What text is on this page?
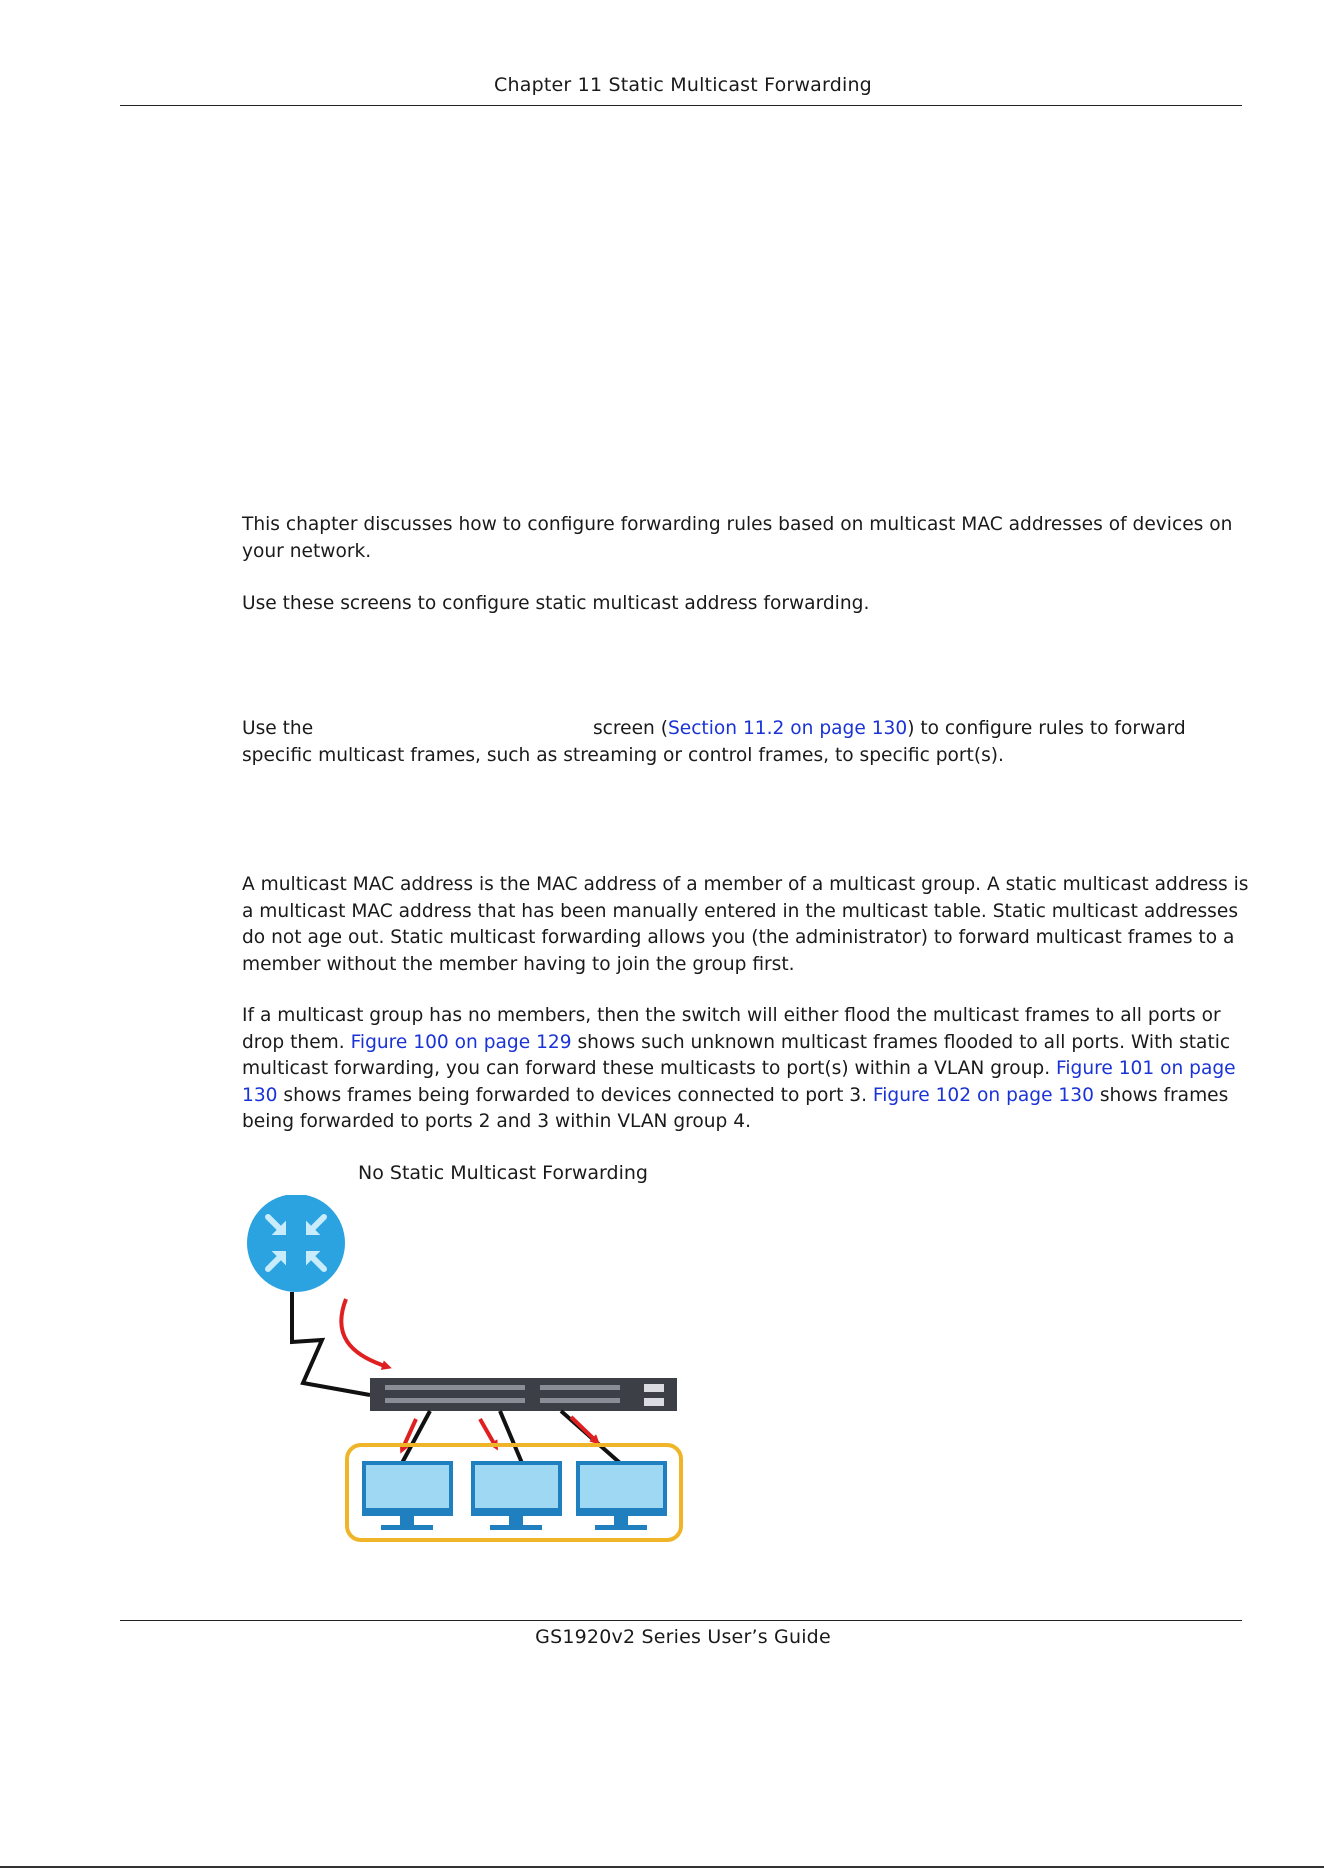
Chapter 11 Static Multicast Forwarding

This chapter discusses how to configure forwarding rules based on multicast MAC addresses of devices on your network.

Use these screens to configure static multicast address forwarding.

Use the	screen (Section 11.2 on page 130) to configure rules to forward specific multicast frames, such as streaming or control frames, to specific port(s).

A multicast MAC address is the MAC address of a member of a multicast group. A static multicast address is a multicast MAC address that has been manually entered in the multicast table. Static multicast addresses do not age out. Static multicast forwarding allows you (the administrator) to forward multicast frames to a member without the member having to join the group first.

If a multicast group has no members, then the switch will either flood the multicast frames to all ports or drop them. Figure 100 on page 129 shows such unknown multicast frames flooded to all ports. With static multicast forwarding, you can forward these multicasts to port(s) within a VLAN group. Figure 101 on page 130 shows frames being forwarded to devices connected to port 3. Figure 102 on page 130 shows frames being forwarded to ports 2 and 3 within VLAN group 4.

No Static Multicast Forwarding
GS1920v2 Series User’s Guide
